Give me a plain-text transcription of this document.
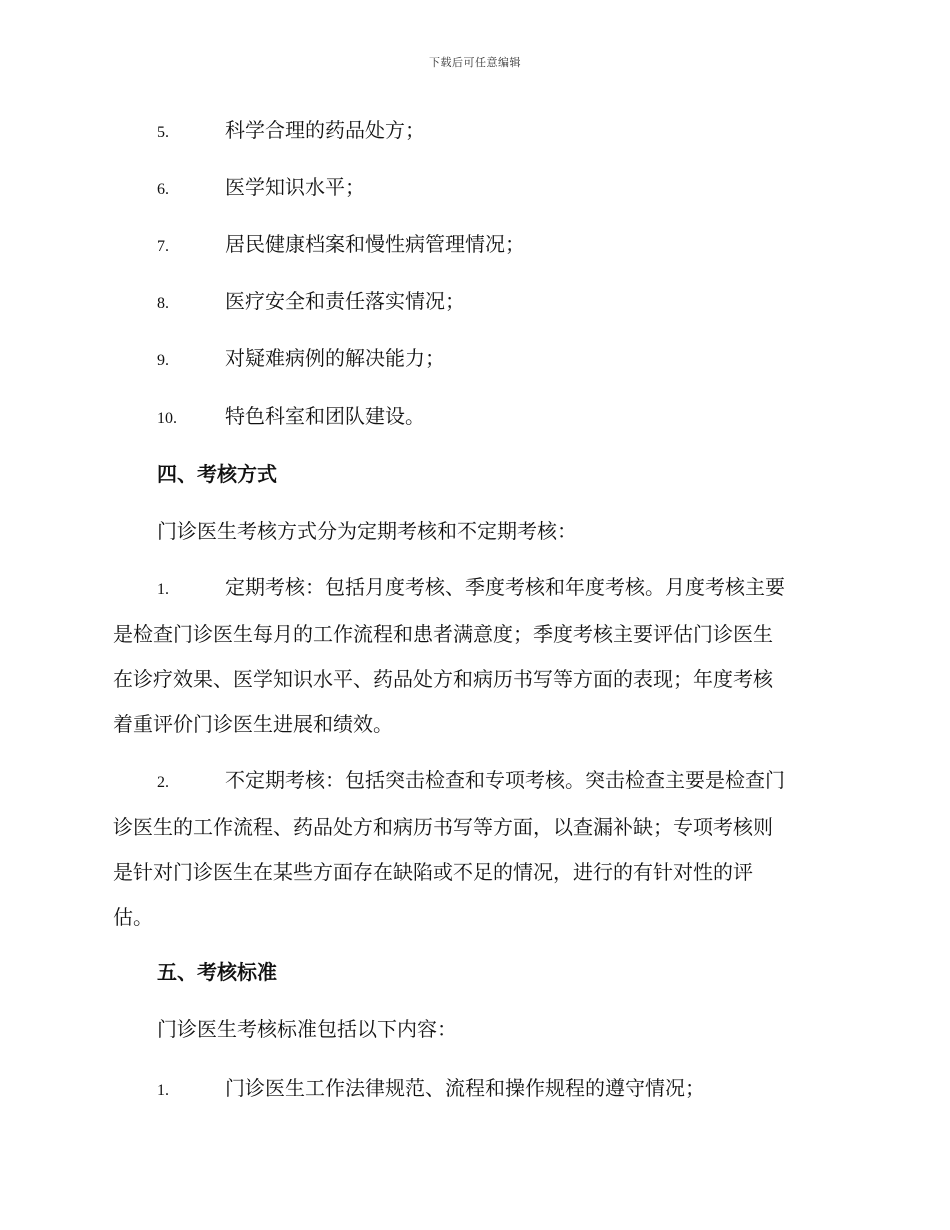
下载后可任意编辑
5.	科学合理的药品处方；
6.	医学知识水平；
7.	居民健康档案和慢性病管理情况；
8.	医疗安全和责任落实情况；
9.	对疑难病例的解决能力；
10. 特色科室和团队建设。
四、考核方式
门诊医生考核方式分为定期考核和不定期考核：
1.	定期考核：包括月度考核、季度考核和年度考核。月度考核主要
是检查门诊医生每月的工作流程和患者满意度；季度考核主要评估门诊医生
在诊疗效果、医学知识水平、药品处方和病历书写等方面的表现；年度考核
着重评价门诊医生进展和绩效。
2.	不定期考核：包括突击检查和专项考核。突击检查主要是检查门
诊医生的工作流程、药品处方和病历书写等方面，以查漏补缺；专项考核则
是针对门诊医生在某些方面存在缺陷或不足的情况，进行的有针对性的评
估。
五、考核标准
门诊医生考核标准包括以下内容：
1.	门诊医生工作法律规范、流程和操作规程的遵守情况；
